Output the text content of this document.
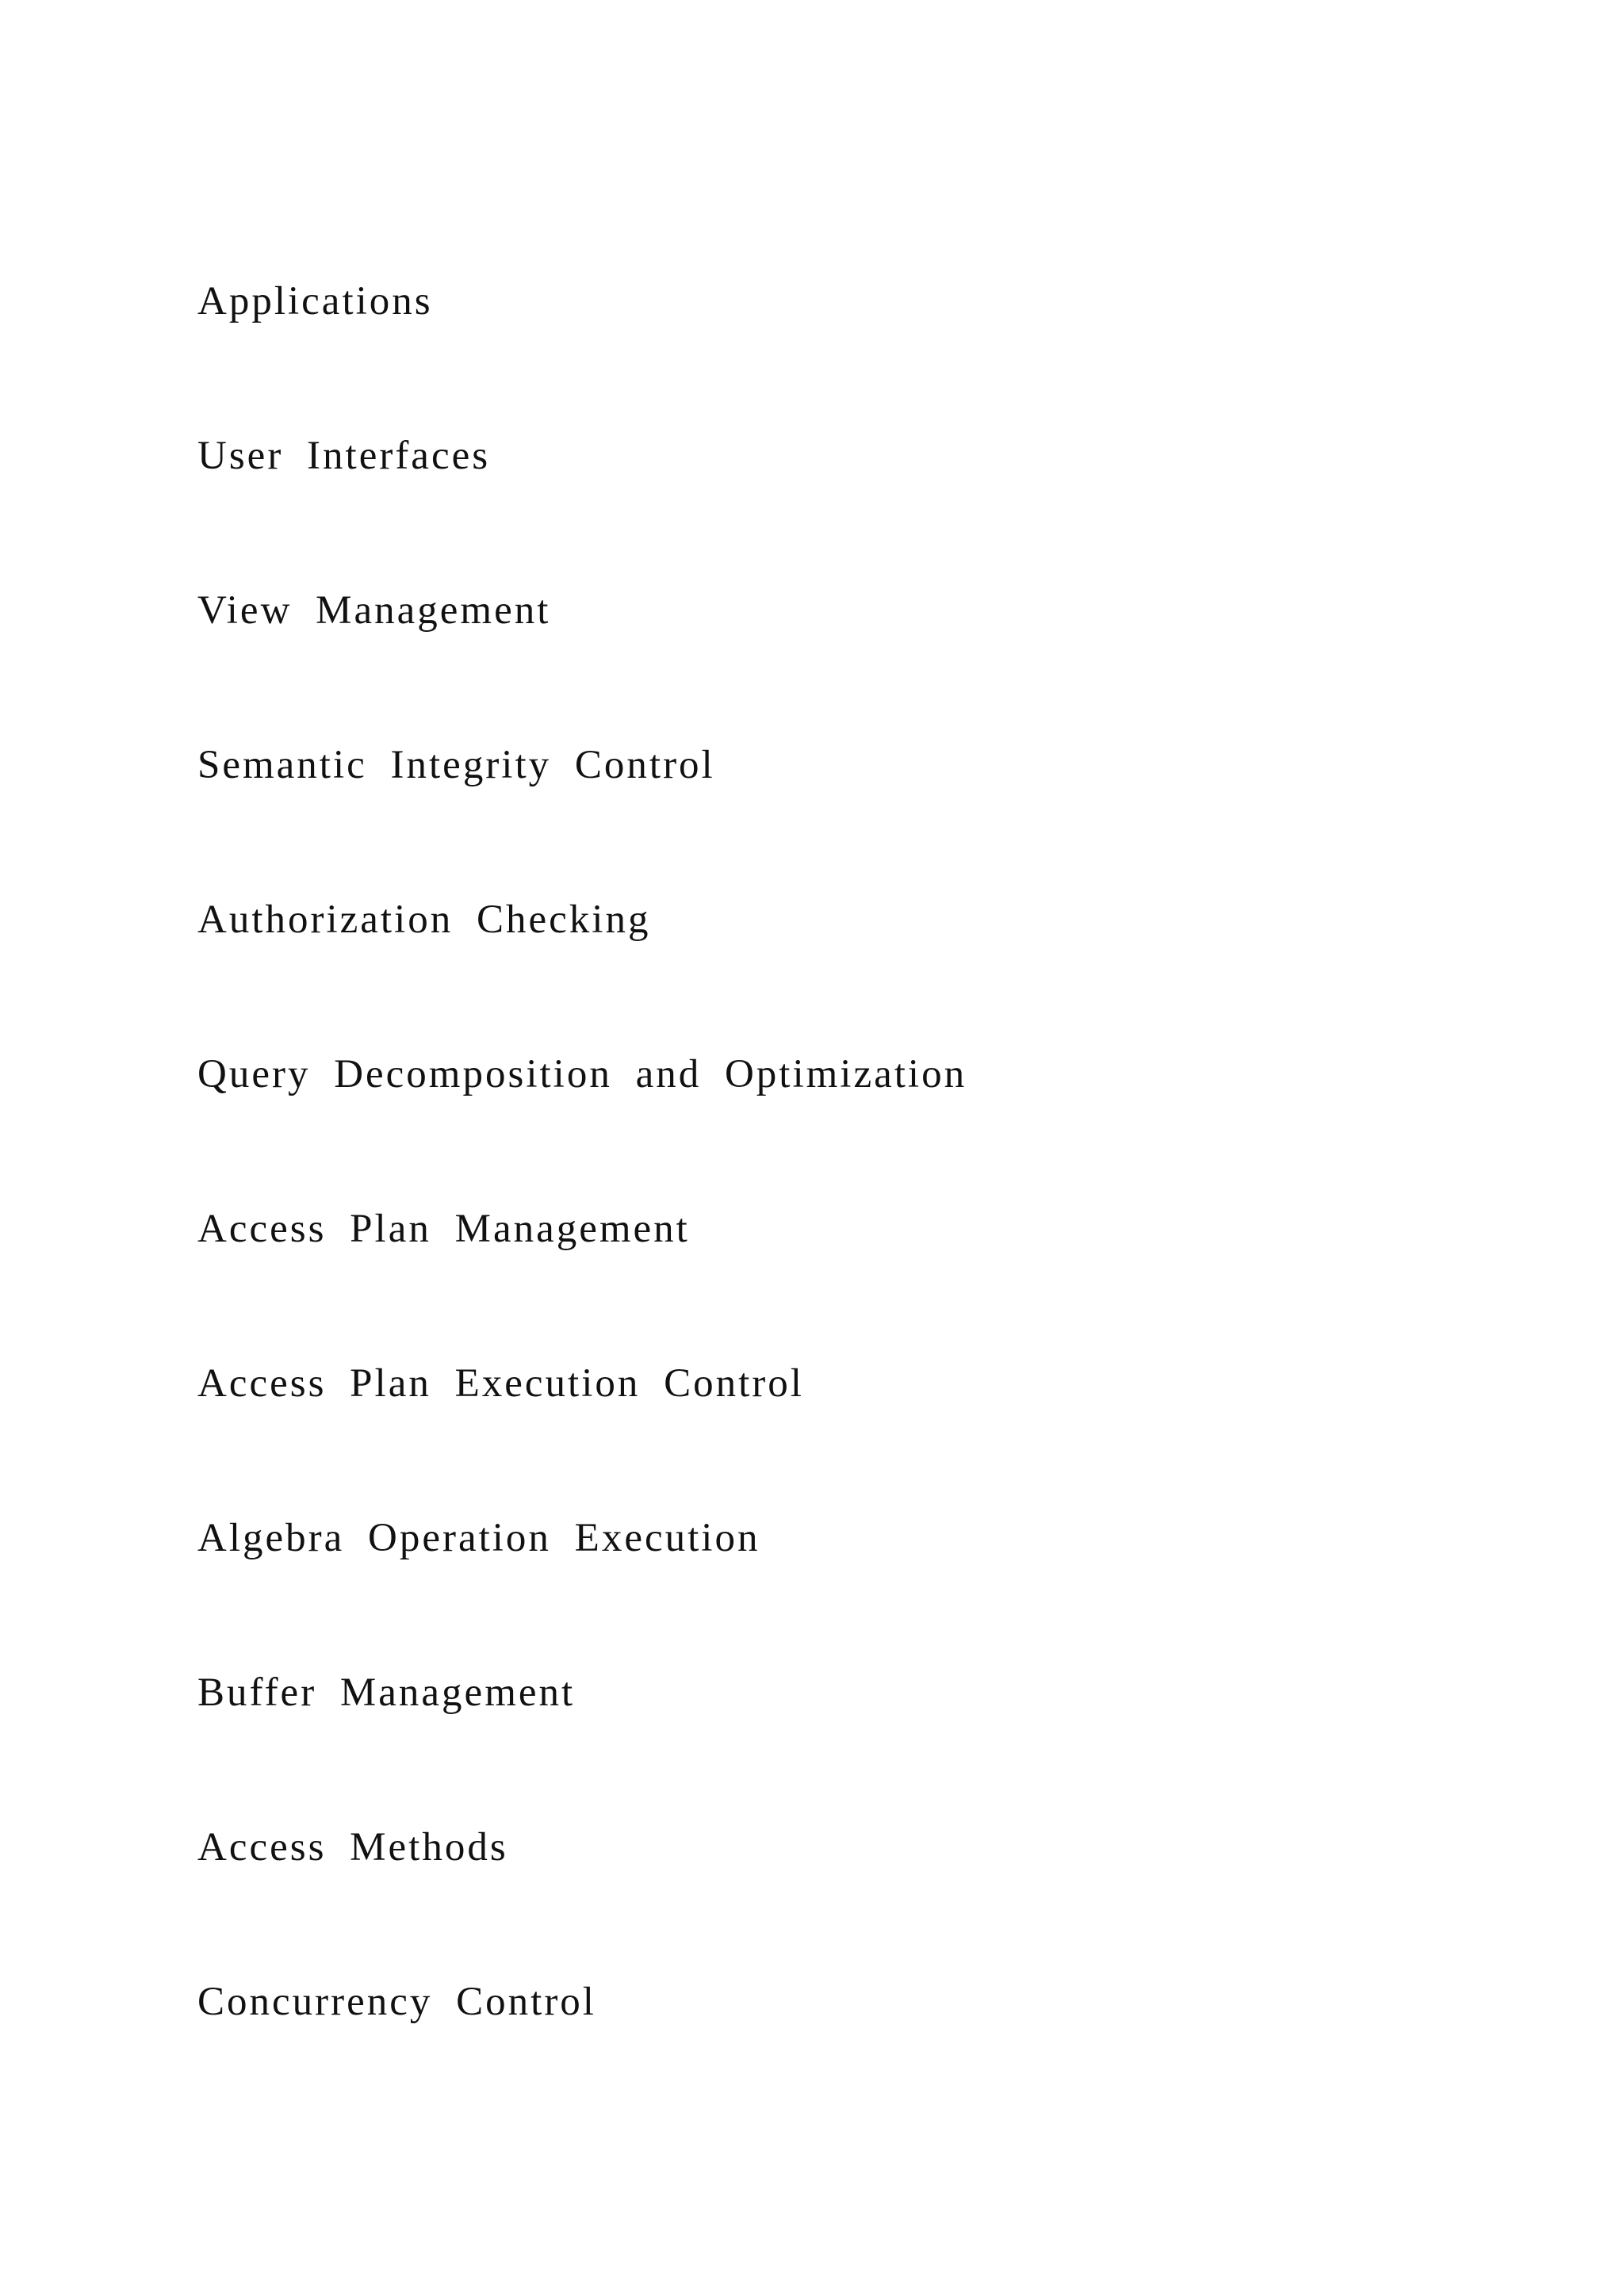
Applications
User Interfaces
View Management
Semantic Integrity Control
Authorization Checking
Query Decomposition and Optimization
Access Plan Management
Access Plan Execution Control
Algebra Operation Execution
Buffer Management
Access Methods
Concurrency Control
